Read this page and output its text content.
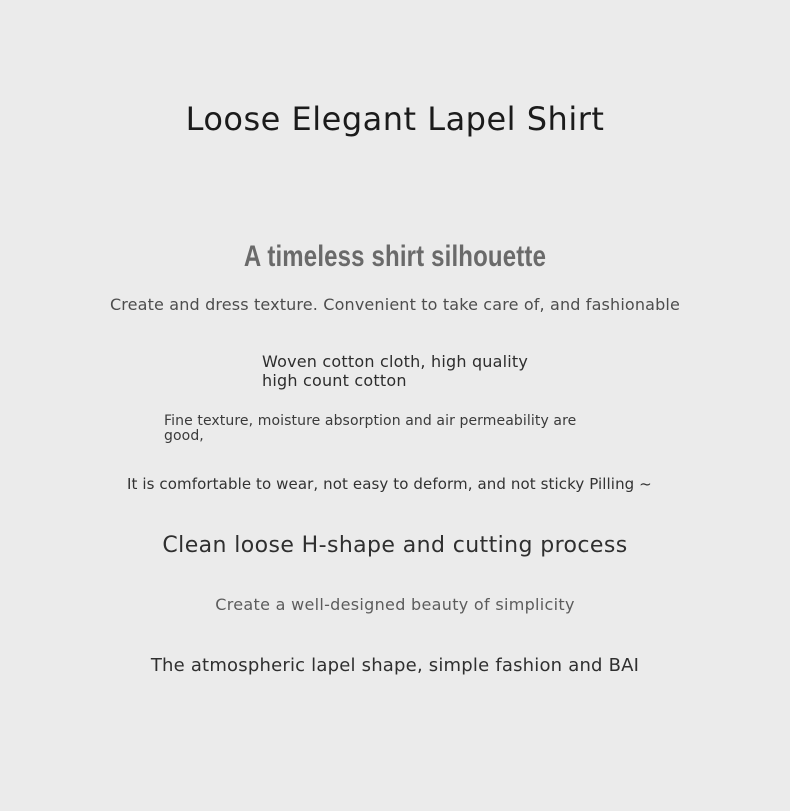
Loose Elegant Lapel Shirt
A timeless shirt silhouette

Create and dress texture. Convenient to take care of, and fashionable

Woven cotton cloth, high quality
high count cotton
Fine texture, moisture absorption and air permeability are
good,

It is comfortable to wear, not easy to deform, and not sticky Pilling ~

Clean loose H-shape and cutting process

Create a well-designed beauty of simplicity

The atmospheric lapel shape, simple fashion and BAI
